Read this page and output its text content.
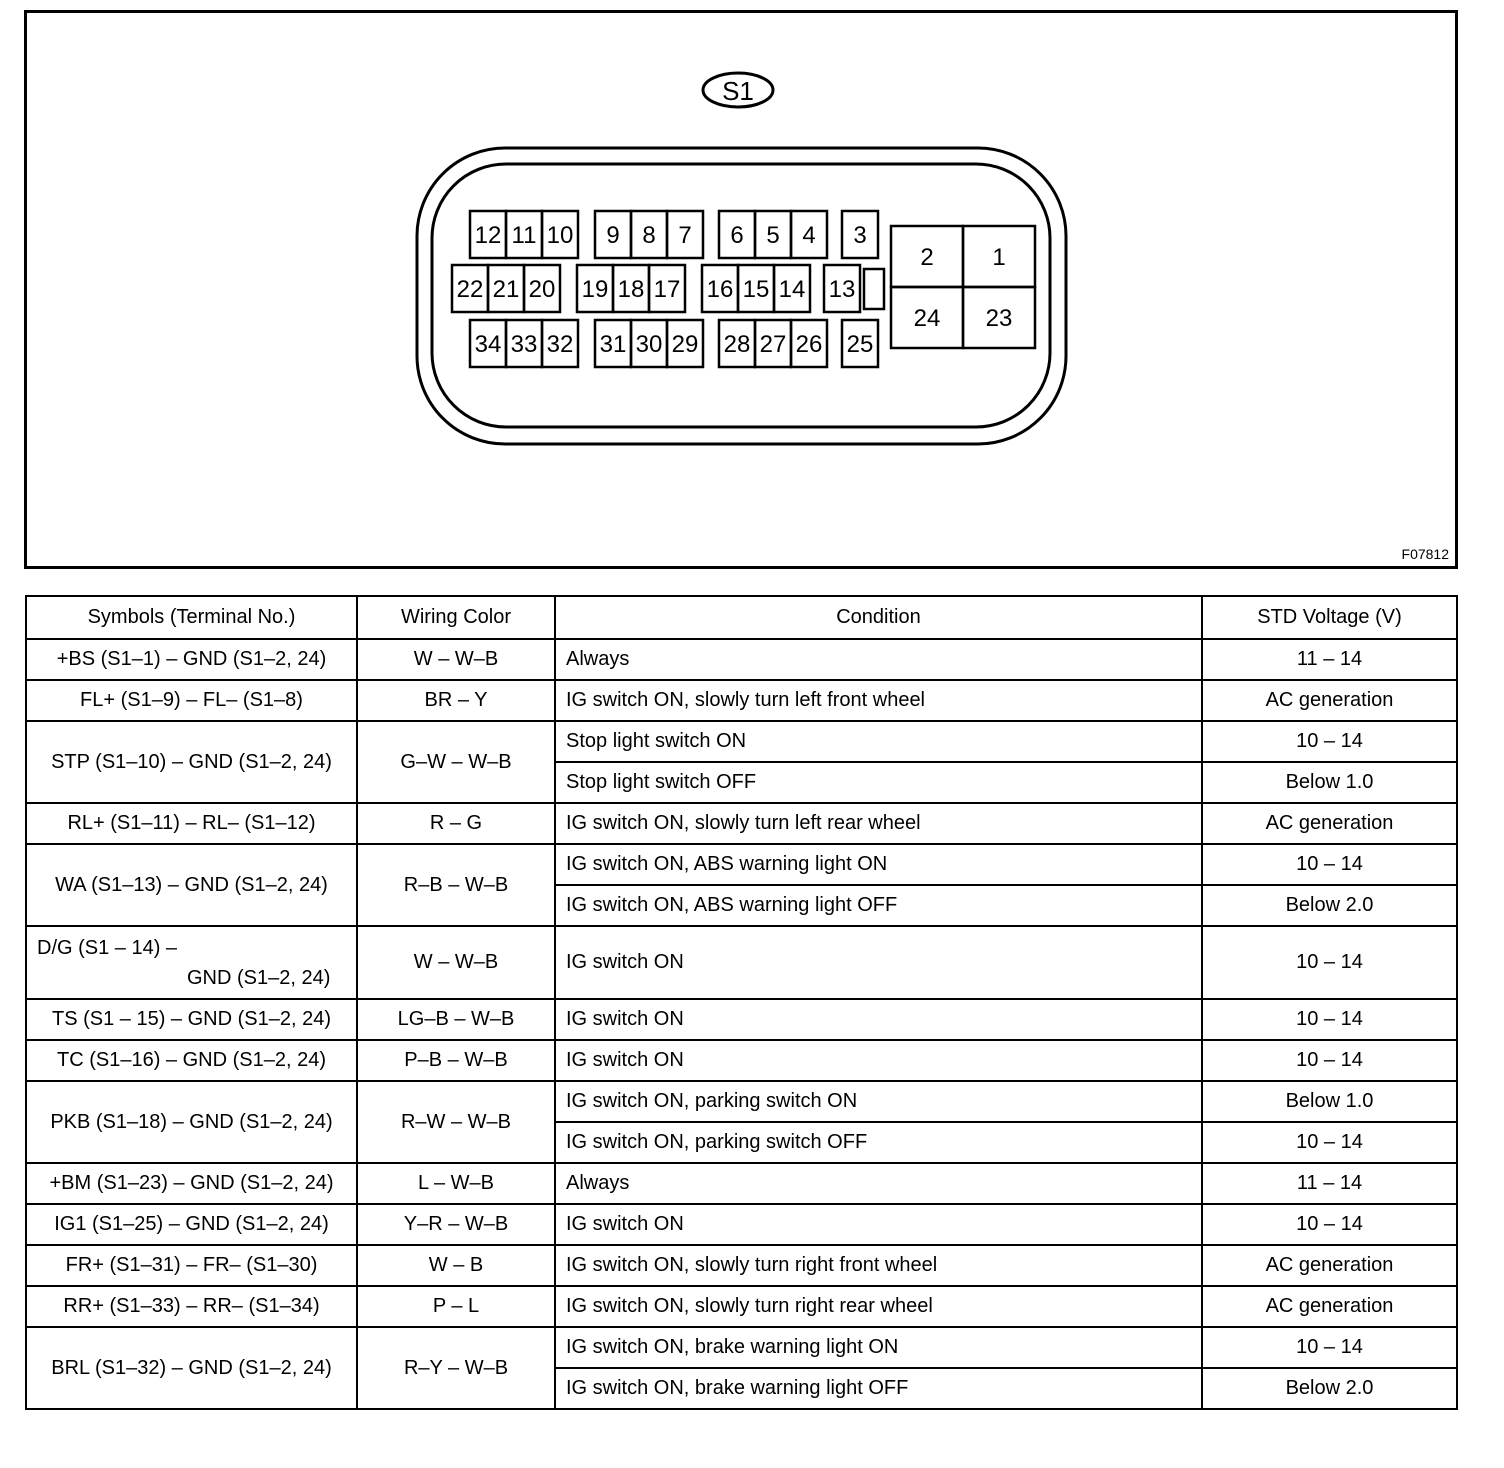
S1
12 11 10 9 8 7 6 5 4 3
22 21 20 19 18 17 16 15 14 13
34 33 32 31 30 29 28 27 26 25
2 1
24 23
F07812
Symbols (Terminal No.)	Wiring Color	Condition	STD Voltage (V)
+BS (S1–1) – GND (S1–2, 24)	W – W–B	Always	11 – 14
FL+ (S1–9) – FL– (S1–8)	BR – Y	IG switch ON, slowly turn left front wheel	AC generation
STP (S1–10) – GND (S1–2, 24)	G–W – W–B	Stop light switch ON	10 – 14
		Stop light switch OFF	Below 1.0
RL+ (S1–11) – RL– (S1–12)	R – G	IG switch ON, slowly turn left rear wheel	AC generation
WA (S1–13) – GND (S1–2, 24)	R–B – W–B	IG switch ON, ABS warning light ON	10 – 14
		IG switch ON, ABS warning light OFF	Below 2.0

D/G (S1 – 14) –
GND (S1–2, 24)	W – W–B	IG switch ON	10 – 14
TS (S1 – 15) – GND (S1–2, 24)	LG–B – W–B	IG switch ON	10 – 14
TC (S1–16) – GND (S1–2, 24)	P–B – W–B	IG switch ON	10 – 14
PKB (S1–18) – GND (S1–2, 24)	R–W – W–B	IG switch ON, parking switch ON	Below 1.0
		IG switch ON, parking switch OFF	10 – 14
+BM (S1–23) – GND (S1–2, 24)	L – W–B	Always	11 – 14
IG1 (S1–25) – GND (S1–2, 24)	Y–R – W–B	IG switch ON	10 – 14
FR+ (S1–31) – FR– (S1–30)	W – B	IG switch ON, slowly turn right front wheel	AC generation
RR+ (S1–33) – RR– (S1–34)	P – L	IG switch ON, slowly turn right rear wheel	AC generation
BRL (S1–32) – GND (S1–2, 24)	R–Y – W–B	IG switch ON, brake warning light ON	10 – 14
		IG switch ON, brake warning light OFF	Below 2.0
